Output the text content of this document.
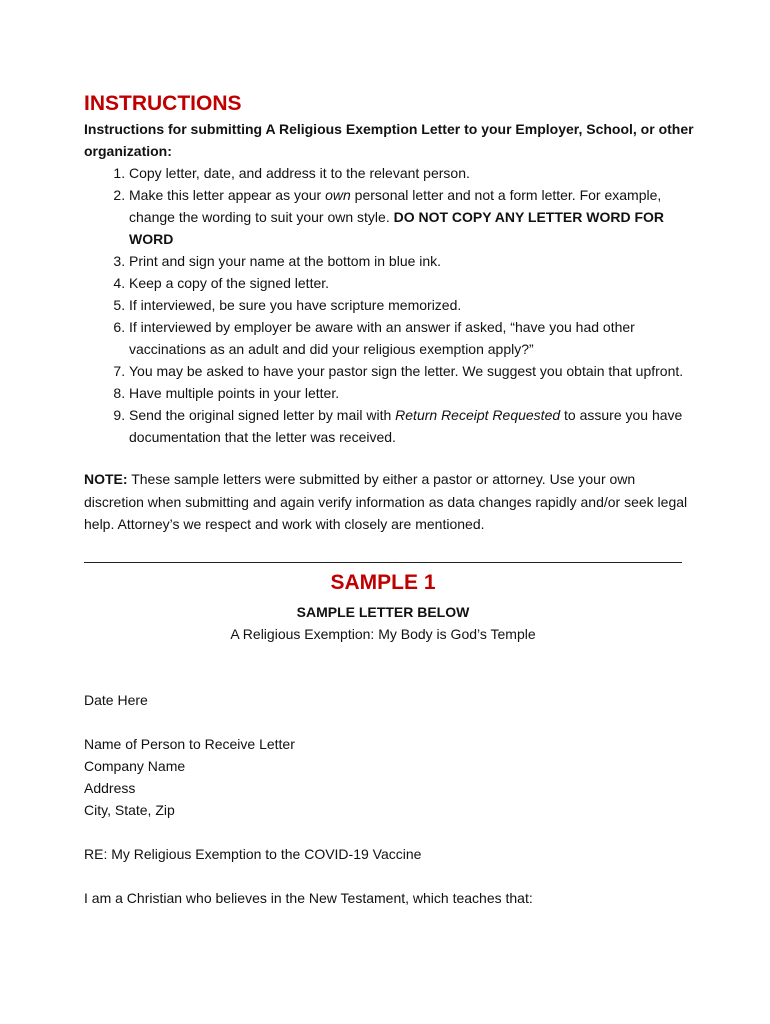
INSTRUCTIONS

Instructions for submitting A Religious Exemption Letter to your Employer, School, or other organization:

1. Copy letter, date, and address it to the relevant person.
2. Make this letter appear as your own personal letter and not a form letter. For example, change the wording to suit your own style. DO NOT COPY ANY LETTER WORD FOR WORD
3. Print and sign your name at the bottom in blue ink.
4. Keep a copy of the signed letter.
5. If interviewed, be sure you have scripture memorized.
6. If interviewed by employer be aware with an answer if asked, “have you had other vaccinations as an adult and did your religious exemption apply?”
7. You may be asked to have your pastor sign the letter. We suggest you obtain that upfront.
8. Have multiple points in your letter.
9. Send the original signed letter by mail with Return Receipt Requested to assure you have documentation that the letter was received.

NOTE: These sample letters were submitted by either a pastor or attorney. Use your own discretion when submitting and again verify information as data changes rapidly and/or seek legal help. Attorney’s we respect and work with closely are mentioned.

SAMPLE 1
SAMPLE LETTER BELOW
A Religious Exemption: My Body is God’s Temple
Date Here
Name of Person to Receive Letter
Company Name
Address
City, State, Zip
RE: My Religious Exemption to the COVID-19 Vaccine
I am a Christian who believes in the New Testament, which teaches that:
